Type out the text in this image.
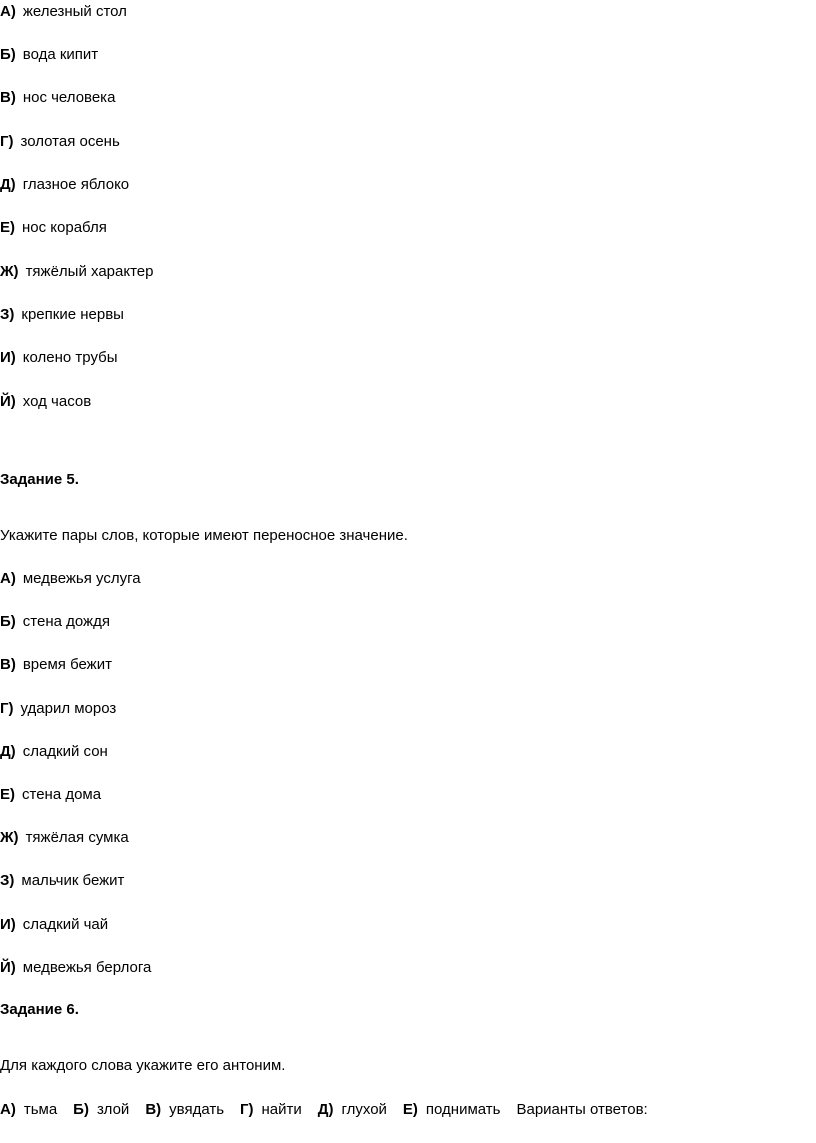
А) железный стол
Б) вода кипит
В) нос человека
Г) золотая осень
Д) глазное яблоко
Е) нос корабля
Ж) тяжёлый характер
З) крепкие нервы
И) колено трубы
Й) ход часов
Задание 5.
Укажите пары слов, которые имеют переносное значение.
А) медвежья услуга
Б) стена дождя
В) время бежит
Г) ударил мороз
Д) сладкий сон
Е) стена дома
Ж) тяжёлая сумка
З) мальчик бежит
И) сладкий чай
Й) медвежья берлога
Задание 6.
Для каждого слова укажите его антоним.
А) тьма Б) злой В) увядать Г) найти Д) глухой Е) поднимать Варианты ответов:
